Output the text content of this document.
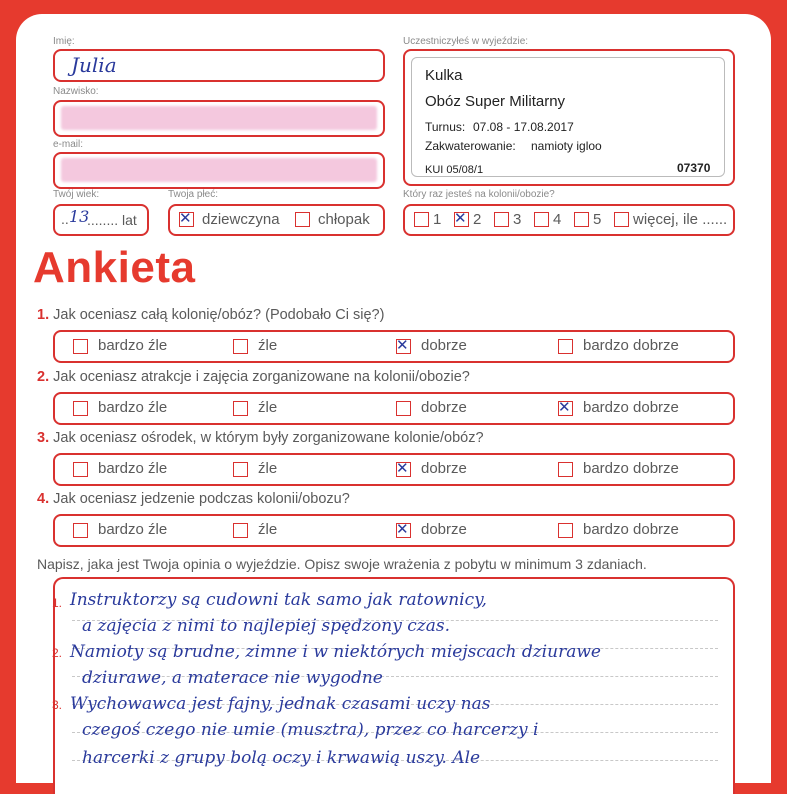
Imię:
Julia
Nazwisko:
e-mail:
Twój wiek:
.. 13
........ lat
Twoja płeć:
✕
dziewczyna	chłopak
Uczestniczyłeś w wyjeździe:
Kulka
Obóz Super Militarny
Turnus: 07.08 - 17.08.2017
Zakwaterowanie: namioty igloo
KUI 05/08/1	07370
Który raz jesteś na kolonii/obozie?
1 ✕ 2 3 4 5 więcej, ile ......
Ankieta
1. Jak oceniasz całą kolonię/obóz? (Podobało Ci się?)
bardzo źle	źle ✕	dobrze	bardzo dobrze
2. Jak oceniasz atrakcje i zajęcia zorganizowane na kolonii/obozie?
bardzo źle	źle	dobrze ✕	bardzo dobrze
3. Jak oceniasz ośrodek, w którym były zorganizowane kolonie/obóz?
bardzo źle	źle ✕	dobrze	bardzo dobrze
4. Jak oceniasz jedzenie podczas kolonii/obozu?
bardzo źle	źle ✕	dobrze	bardzo dobrze
Napisz, jaka jest Twoja opinia o wyjeździe. Opisz swoje wrażenia z pobytu w minimum 3 zdaniach.
1.
2.
3.
Instruktorzy są cudowni tak samo jak ratownicy,
a zajęcia z nimi to najlepiej spędzony czas.
Namioty są brudne, zimne i w niektórych miejscach dziurawe
dziurawe, a materace nie wygodne
Wychowawca jest fajny, jednak czasami uczy nas
czegoś czego nie umie (musztra), przez co harcerzy i
harcerki z grupy bolą oczy i krwawią uszy. Ale
